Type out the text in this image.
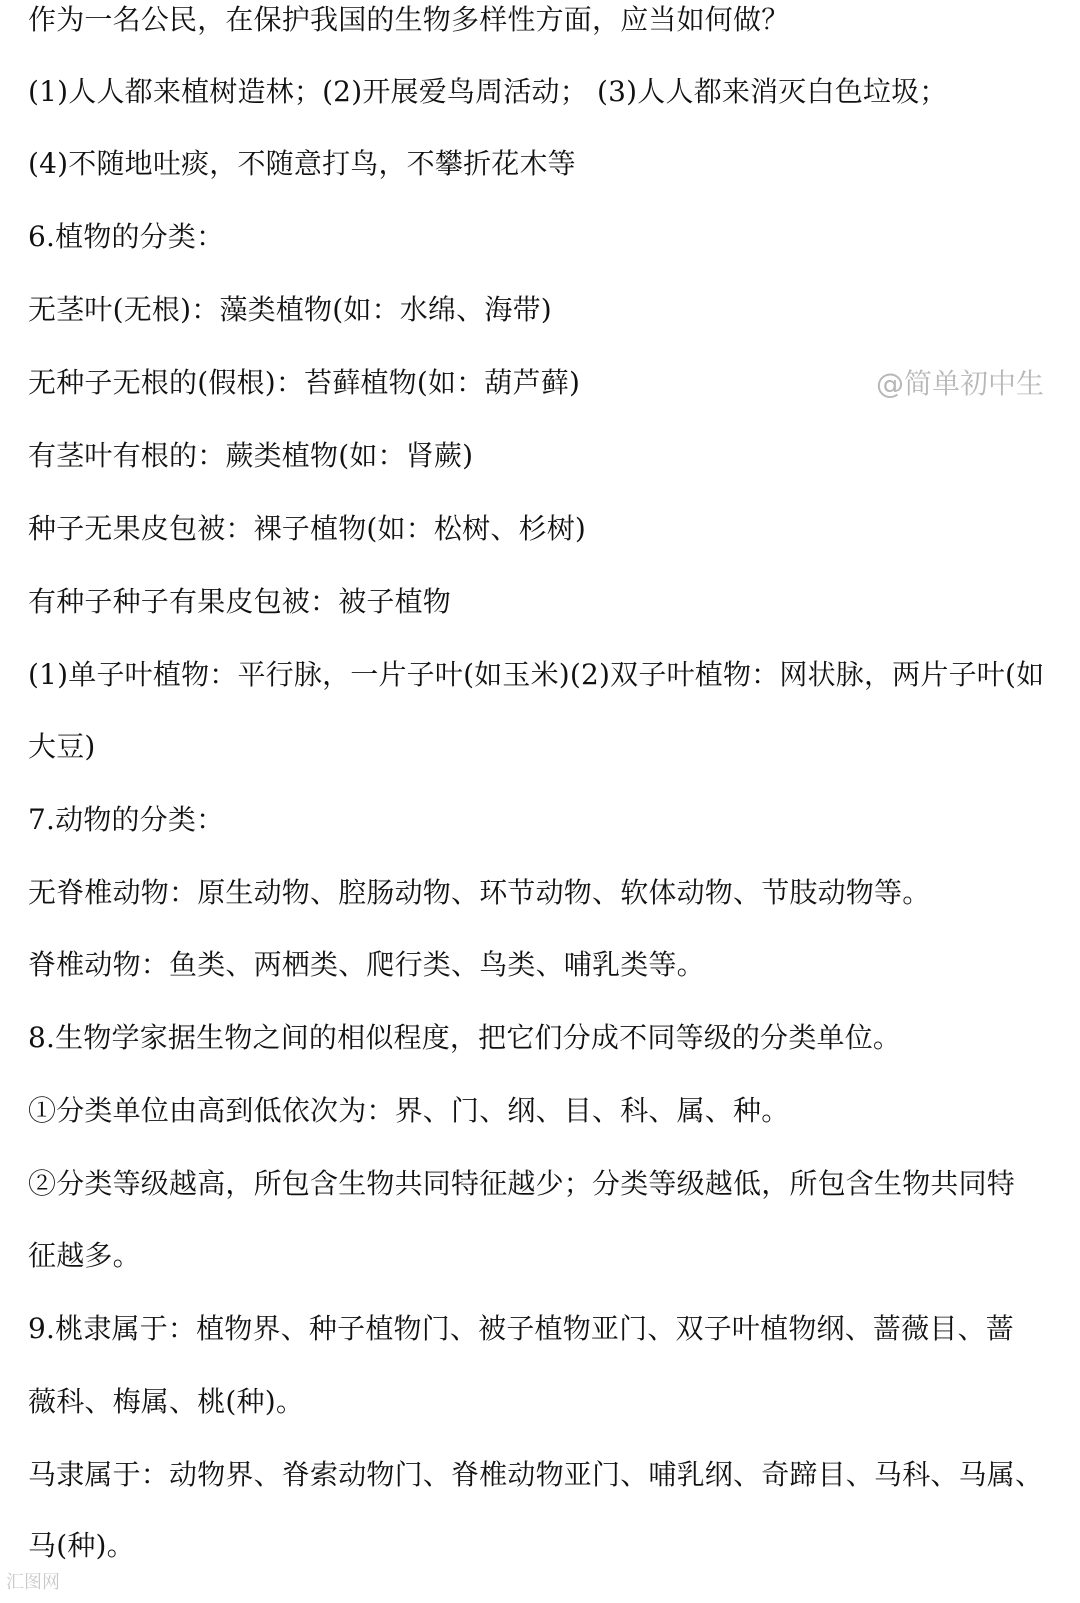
作为一名公民，在保护我国的生物多样性方面，应当如何做？
(1)人人都来植树造林；(2)开展爱鸟周活动； (3)人人都来消灭白色垃圾；
(4)不随地吐痰，不随意打鸟，不攀折花木等
6.植物的分类：
无茎叶(无根)：藻类植物(如：水绵、海带)
无种子无根的(假根)：苔藓植物(如：葫芦藓)
有茎叶有根的：蕨类植物(如：肾蕨)
种子无果皮包被：裸子植物(如：松树、杉树)
有种子种子有果皮包被：被子植物
(1)单子叶植物：平行脉，一片子叶(如玉米)(2)双子叶植物：网状脉，两片子叶(如
大豆)
7.动物的分类：
无脊椎动物：原生动物、腔肠动物、环节动物、软体动物、节肢动物等。
脊椎动物：鱼类、两栖类、爬行类、鸟类、哺乳类等。
8.生物学家据生物之间的相似程度，把它们分成不同等级的分类单位。
①分类单位由高到低依次为：界、门、纲、目、科、属、种。
②分类等级越高，所包含生物共同特征越少；分类等级越低，所包含生物共同特
征越多。
9.桃隶属于：植物界、种子植物门、被子植物亚门、双子叶植物纲、蔷薇目、蔷
薇科、梅属、桃(种)。
马隶属于：动物界、脊索动物门、脊椎动物亚门、哺乳纲、奇蹄目、马科、马属、
马(种)。
@简单初中生
汇图网
